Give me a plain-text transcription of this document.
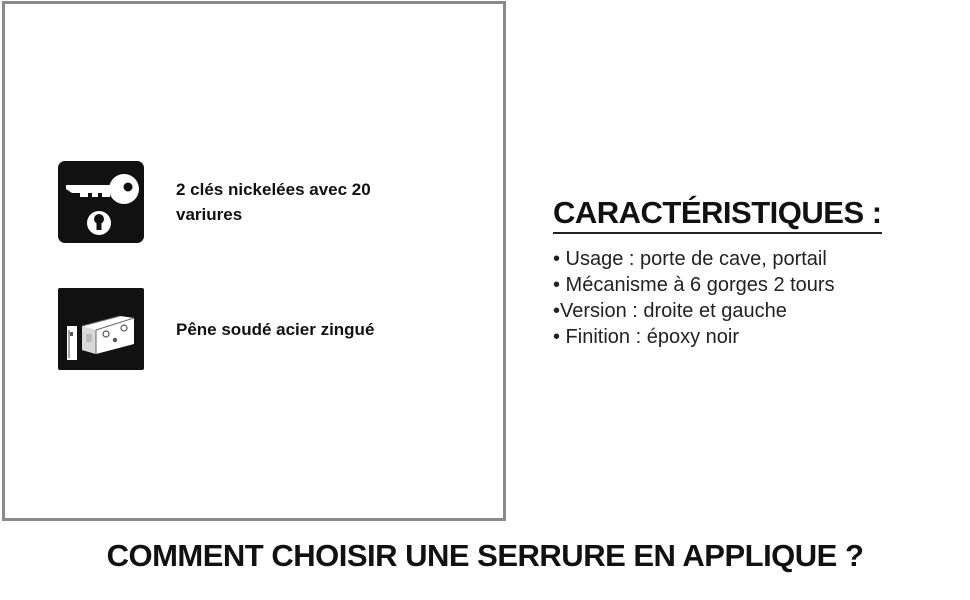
2 clés nickelées avec 20 variures
Pêne soudé acier zingué
CARACTÉRISTIQUES :
• Usage : porte de cave, portail
• Mécanisme à 6 gorges 2 tours
•Version : droite et gauche
• Finition : époxy noir
COMMENT CHOISIR UNE SERRURE EN APPLIQUE ?
